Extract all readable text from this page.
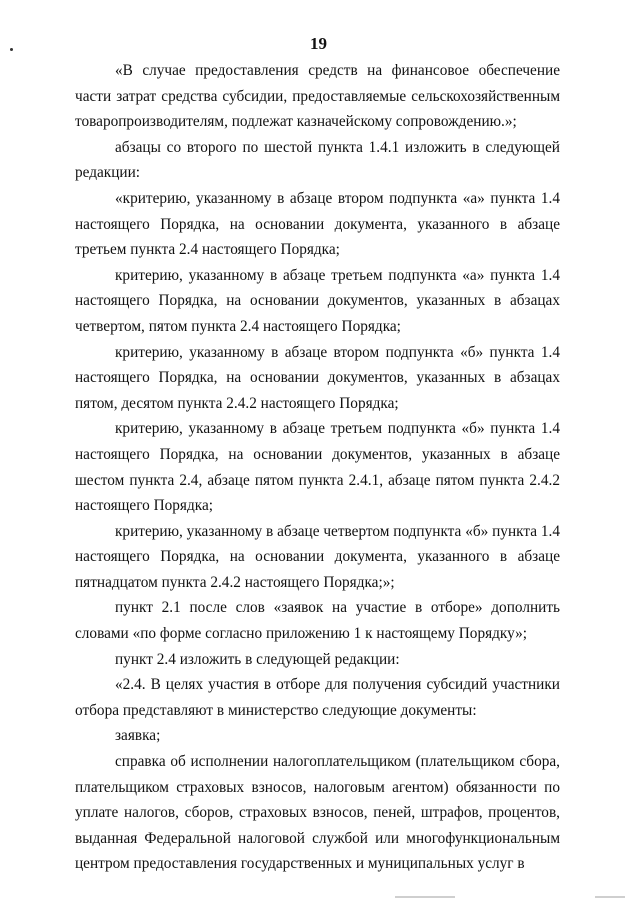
19

«В случае предоставления средств на финансовое обеспечение части затрат средства субсидии, предоставляемые сельскохозяйственным товаропроизводителям, подлежат казначейскому сопровождению.»;

абзацы со второго по шестой пункта 1.4.1 изложить в следующей редакции:

«критерию, указанному в абзаце втором подпункта «а» пункта 1.4 настоящего Порядка, на основании документа, указанного в абзаце третьем пункта 2.4 настоящего Порядка;

критерию, указанному в абзаце третьем подпункта «а» пункта 1.4 настоящего Порядка, на основании документов, указанных в абзацах четвертом, пятом пункта 2.4 настоящего Порядка;

критерию, указанному в абзаце втором подпункта «б» пункта 1.4 настоящего Порядка, на основании документов, указанных в абзацах пятом, десятом пункта 2.4.2 настоящего Порядка;

критерию, указанному в абзаце третьем подпункта «б» пункта 1.4 настоящего Порядка, на основании документов, указанных в абзаце шестом пункта 2.4, абзаце пятом пункта 2.4.1, абзаце пятом пункта 2.4.2 настоящего Порядка;

критерию, указанному в абзаце четвертом подпункта «б» пункта 1.4 настоящего Порядка, на основании документа, указанного в абзаце пятнадцатом пункта 2.4.2 настоящего Порядка;»;

пункт 2.1 после слов «заявок на участие в отборе» дополнить словами «по форме согласно приложению 1 к настоящему Порядку»;

пункт 2.4 изложить в следующей редакции:

«2.4. В целях участия в отборе для получения субсидий участники отбора представляют в министерство следующие документы:

заявка;

справка об исполнении налогоплательщиком (плательщиком сбора, плательщиком страховых взносов, налоговым агентом) обязанности по уплате налогов, сборов, страховых взносов, пеней, штрафов, процентов, выданная Федеральной налоговой службой или многофункциональным центром предоставления государственных и муниципальных услуг в
